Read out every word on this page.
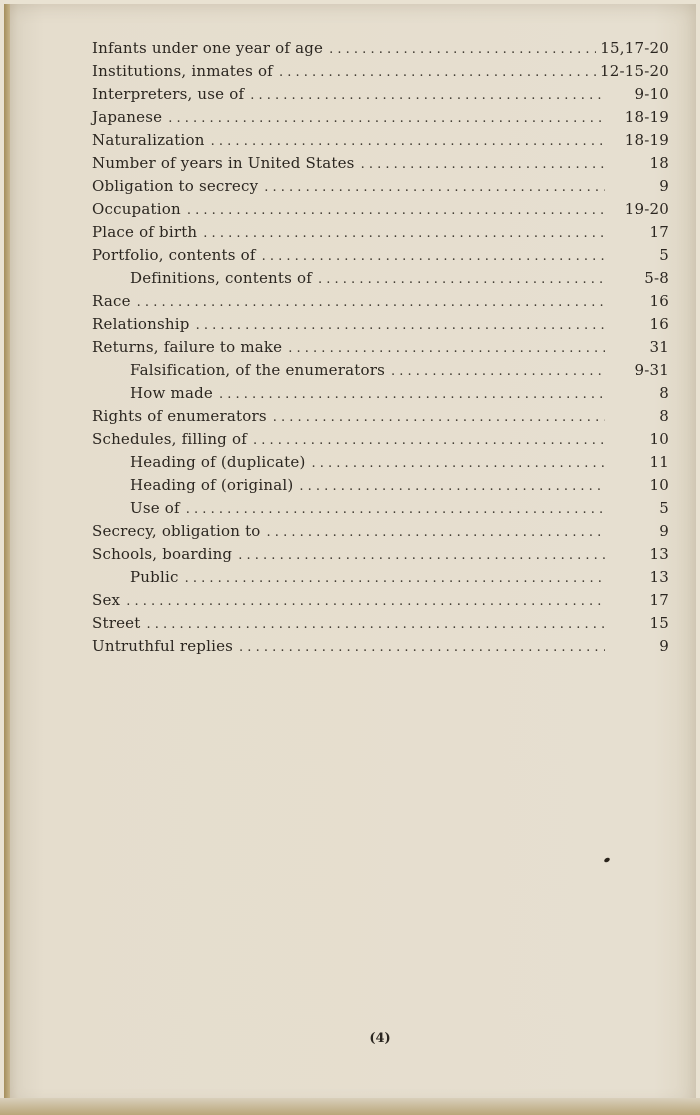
Infants under one year of age . . .	15,17-20
Institutions, inmates of . . .	12-15-20
Interpreters, use of . . .	9-10
Japanese . . .	18-19
Naturalization . . .	18-19
Number of years in United States . . .	18
Obligation to secrecy . . .	9
Occupation . . .	19-20
Place of birth . . .	17
Portfolio, contents of . . .	5
Definitions, contents of . . .	5-8
Race . . .	16
Relationship . . .	16
Returns, failure to make . . .	31
Falsification, of the enumerators . . .	9-31
How made . . .	8
Rights of enumerators . . .	8
Schedules, filling of . . .	10
Heading of (duplicate) . . .	11
Heading of (original) . . .	10
Use of . . .	5
Secrecy, obligation to . . .	9
Schools, boarding . . .	13
Public . . .	13
Sex . . .	17
Street . . .	15
Untruthful replies . . .	9
(4)
